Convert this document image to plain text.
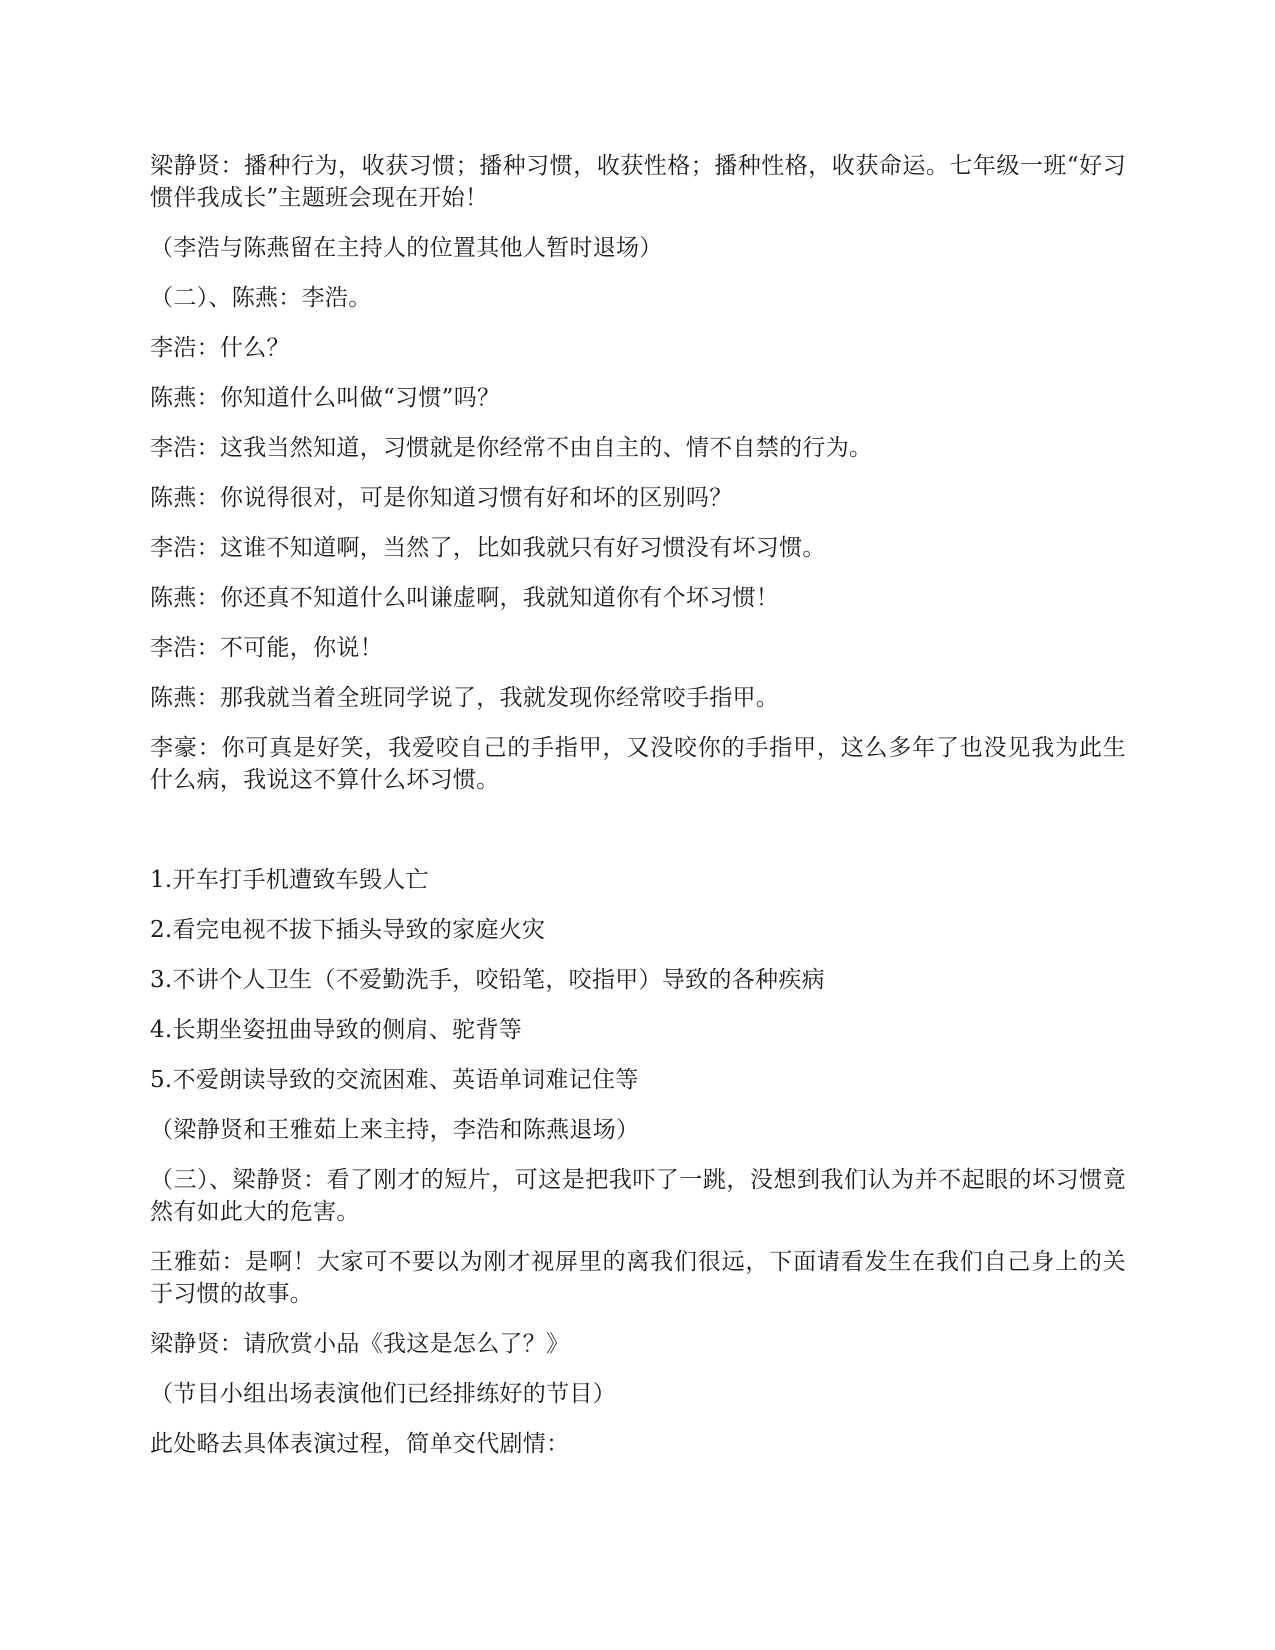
梁静贤：播种行为，收获习惯；播种习惯，收获性格；播种性格，收获命运。七年级一班“好习惯伴我成长”主题班会现在开始！

（李浩与陈燕留在主持人的位置其他人暂时退场）

（二）、陈燕：李浩。

李浩：什么？

陈燕：你知道什么叫做“习惯”吗？

李浩：这我当然知道，习惯就是你经常不由自主的、情不自禁的行为。

陈燕：你说得很对，可是你知道习惯有好和坏的区别吗？

李浩：这谁不知道啊，当然了，比如我就只有好习惯没有坏习惯。

陈燕：你还真不知道什么叫谦虚啊，我就知道你有个坏习惯！

李浩：不可能，你说！

陈燕：那我就当着全班同学说了，我就发现你经常咬手指甲。

李豪：你可真是好笑，我爱咬自己的手指甲，又没咬你的手指甲，这么多年了也没见我为此生什么病，我说这不算什么坏习惯。

1.开车打手机遭致车毁人亡

2.看完电视不拔下插头导致的家庭火灾

3.不讲个人卫生（不爱勤洗手，咬铅笔，咬指甲）导致的各种疾病

4.长期坐姿扭曲导致的侧肩、驼背等

5.不爱朗读导致的交流困难、英语单词难记住等

（梁静贤和王雅茹上来主持，李浩和陈燕退场）

（三）、梁静贤：看了刚才的短片，可这是把我吓了一跳，没想到我们认为并不起眼的坏习惯竟然有如此大的危害。

王雅茹：是啊！大家可不要以为刚才视屏里的离我们很远，下面请看发生在我们自己身上的关于习惯的故事。

梁静贤：请欣赏小品《我这是怎么了？》

（节目小组出场表演他们已经排练好的节目）

此处略去具体表演过程，简单交代剧情：
